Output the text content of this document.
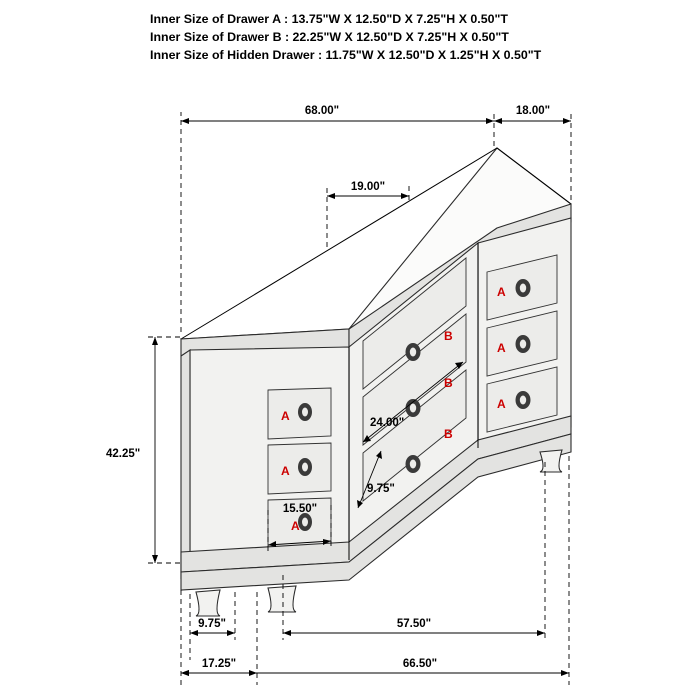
Inner Size of Drawer A : 13.75"W X 12.50"D X 7.25"H X 0.50"T
Inner Size of Drawer B : 22.25"W X 12.50"D X 7.25"H X 0.50"T
Inner Size of Hidden Drawer : 11.75"W X 12.50"D X 1.25"H X 0.50"T
A
A
A
B
B
B
A
A
A
68.00"	18.00"
19.00"
42.25"
24.00"
15.50"
9.75"
9.75"
17.25"
57.50"
66.50"
